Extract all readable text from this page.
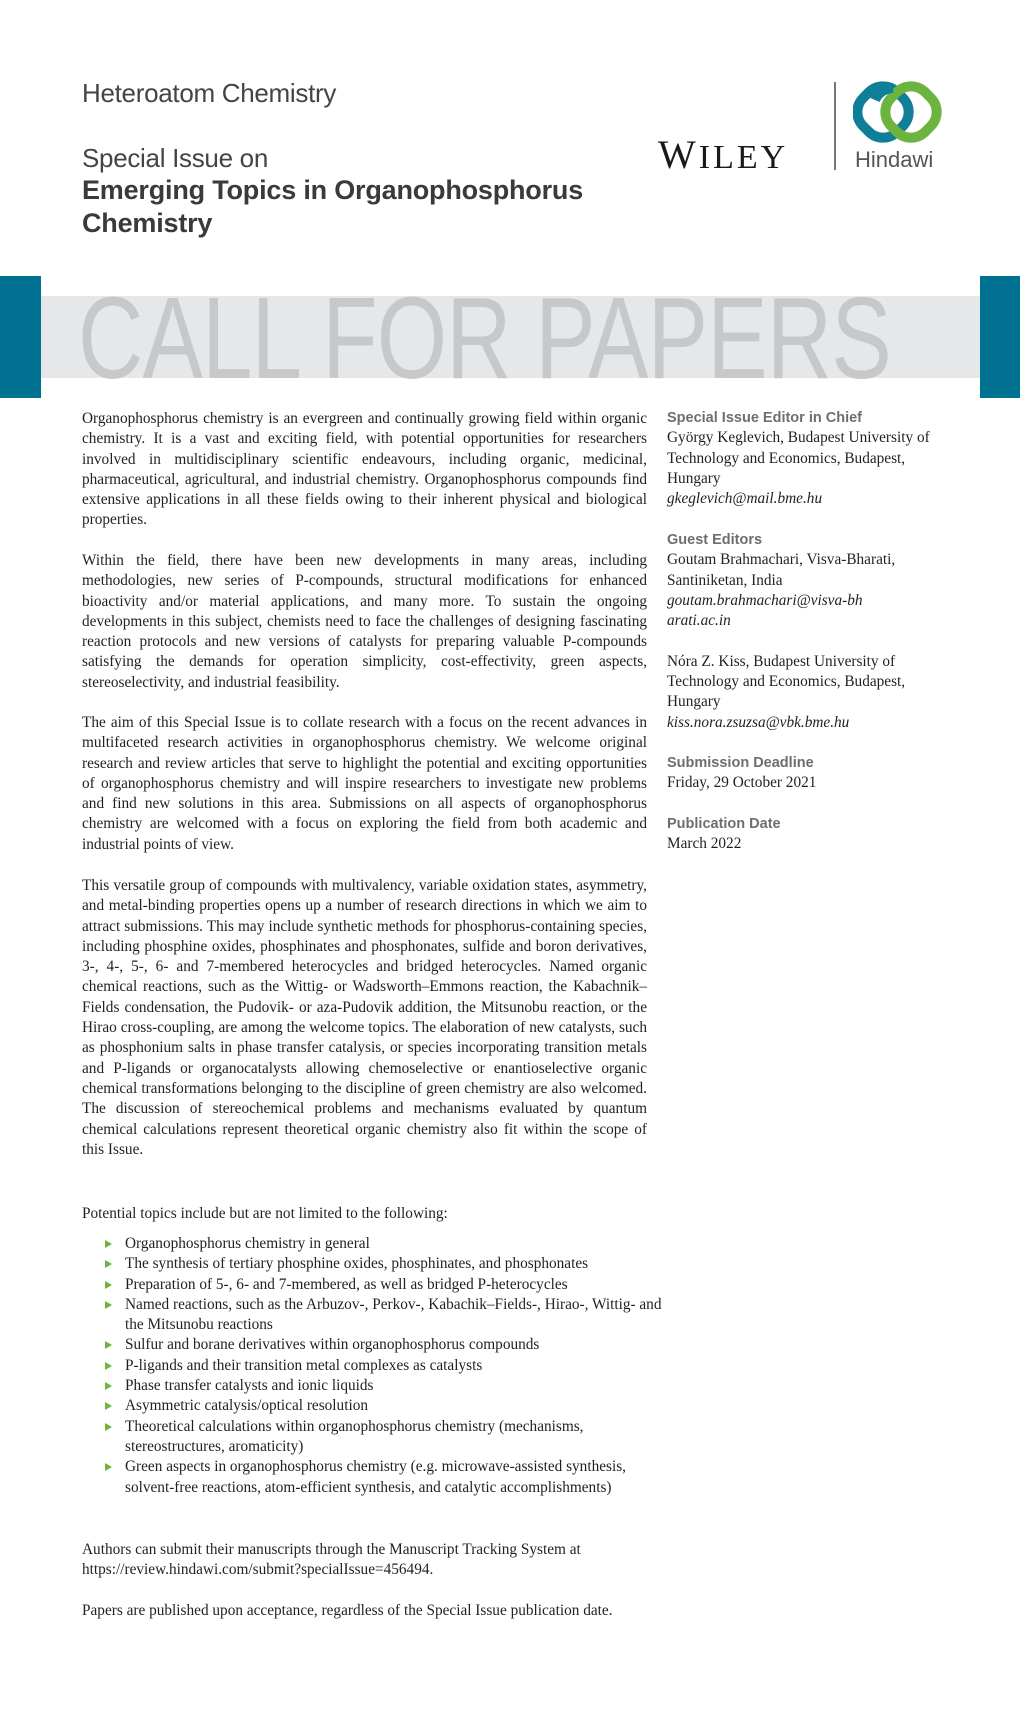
Heteroatom Chemistry
Special Issue on
Emerging Topics in Organophosphorus Chemistry
WILEY	Hindawi
CALL FOR PAPERS

Organophosphorus chemistry is an evergreen and continually growing field within organic chemistry. It is a vast and exciting field, with potential opportunities for researchers involved in multidisciplinary scientific endeavours, including organic, medicinal, pharmaceutical, agricultural, and industrial chemistry. Organophosphorus compounds find extensive applications in all these fields owing to their inherent physical and biological properties.

Within the field, there have been new developments in many areas, including methodologies, new series of P-compounds, structural modifications for enhanced bioactivity and/or material applications, and many more. To sustain the ongoing developments in this subject, chemists need to face the challenges of designing fascinating reaction protocols and new versions of catalysts for preparing valuable P-compounds satisfying the demands for operation simplicity, cost-effectivity, green aspects, stereoselectivity, and industrial feasibility.

The aim of this Special Issue is to collate research with a focus on the recent advances in multifaceted research activities in organophosphorus chemistry. We welcome original research and review articles that serve to highlight the potential and exciting opportunities of organophosphorus chemistry and will inspire researchers to investigate new problems and find new solutions in this area. Submissions on all aspects of organophosphorus chemistry are welcomed with a focus on exploring the field from both academic and industrial points of view.

This versatile group of compounds with multivalency, variable oxidation states, asymmetry, and metal-binding properties opens up a number of research directions in which we aim to attract submissions. This may include synthetic methods for phosphorus-containing species, including phosphine oxides, phosphinates and phosphonates, sulfide and boron derivatives, 3-, 4-, 5-, 6- and 7-membered heterocycles and bridged heterocycles. Named organic chemical reactions, such as the Wittig- or Wadsworth–Emmons reaction, the Kabachnik–Fields condensation, the Pudovik- or aza-Pudovik addition, the Mitsunobu reaction, or the Hirao cross-coupling, are among the welcome topics. The elaboration of new catalysts, such as phosphonium salts in phase transfer catalysis, or species incorporating transition metals and P-ligands or organocatalysts allowing chemoselective or enantioselective organic chemical transformations belonging to the discipline of green chemistry are also welcomed. The discussion of stereochemical problems and mechanisms evaluated by quantum chemical calculations represent theoretical organic chemistry also fit within the scope of this Issue.

Potential topics include but are not limited to the following:

Organophosphorus chemistry in general
The synthesis of tertiary phosphine oxides, phosphinates, and phosphonates
Preparation of 5-, 6- and 7-membered, as well as bridged P-heterocycles
Named reactions, such as the Arbuzov-, Perkov-, Kabachik–Fields-, Hirao-, Wittig- and the Mitsunobu reactions
Sulfur and borane derivatives within organophosphorus compounds
P-ligands and their transition metal complexes as catalysts
Phase transfer catalysts and ionic liquids
Asymmetric catalysis/optical resolution
Theoretical calculations within organophosphorus chemistry (mechanisms, stereostructures, aromaticity)
Green aspects in organophosphorus chemistry (e.g. microwave-assisted synthesis, solvent-free reactions, atom-efficient synthesis, and catalytic accomplishments)

Authors can submit their manuscripts through the Manuscript Tracking System at https://review.hindawi.com/submit?specialIssue=456494.

Papers are published upon acceptance, regardless of the Special Issue publication date.

Special Issue Editor in Chief

György Keglevich, Budapest University of Technology and Economics, Budapest, Hungary

gkeglevich@mail.bme.hu

Guest Editors

Goutam Brahmachari, Visva-Bharati, Santiniketan, India

goutam.brahmachari@visva-bharati.ac.in

Nóra Z. Kiss, Budapest University of Technology and Economics, Budapest, Hungary

kiss.nora.zsuzsa@vbk.bme.hu

Submission Deadline

Friday, 29 October 2021

Publication Date

March 2022
